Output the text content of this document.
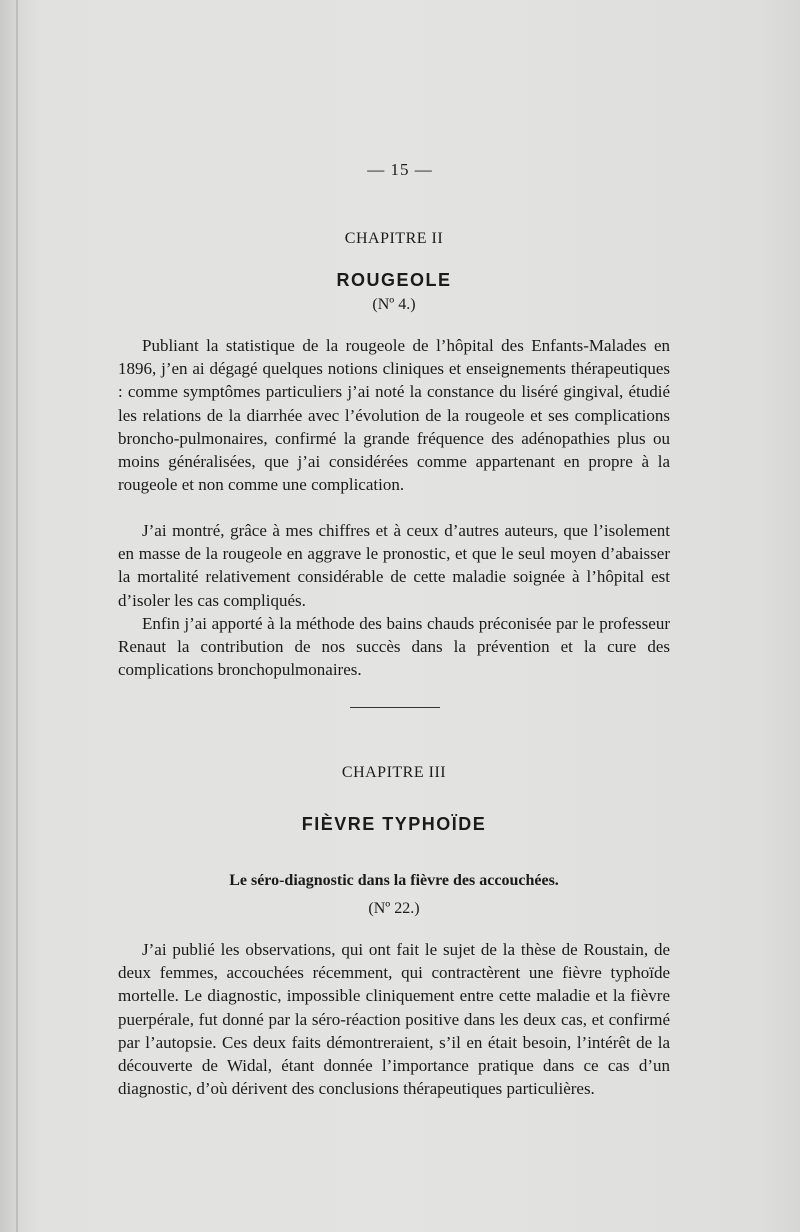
— 15 —
CHAPITRE II
ROUGEOLE
(Nº 4.)

Publiant la statistique de la rougeole de l’hôpital des Enfants-Malades en 1896, j’en ai dégagé quelques notions cliniques et enseignements thérapeutiques : comme symptômes particuliers j’ai noté la constance du liséré gingival, étudié les relations de la diarrhée avec l’évolution de la rougeole et ses complications broncho-pulmonaires, confirmé la grande fréquence des adénopathies plus ou moins généralisées, que j’ai considérées comme appartenant en propre à la rougeole et non comme une complication.

J’ai montré, grâce à mes chiffres et à ceux d’autres auteurs, que l’isolement en masse de la rougeole en aggrave le pronostic, et que le seul moyen d’abaisser la mortalité relativement considérable de cette maladie soignée à l’hôpital est d’isoler les cas compliqués.

Enfin j’ai apporté à la méthode des bains chauds préconisée par le professeur Renaut la contribution de nos succès dans la prévention et la cure des complications bronchopulmonaires.

CHAPITRE III
FIÈVRE TYPHOÏDE
Le séro-diagnostic dans la fièvre des accouchées.
(Nº 22.)

J’ai publié les observations, qui ont fait le sujet de la thèse de Roustain, de deux femmes, accouchées récemment, qui contractèrent une fièvre typhoïde mortelle. Le diagnostic, impossible cliniquement entre cette maladie et la fièvre puerpérale, fut donné par la séro-réaction positive dans les deux cas, et confirmé par l’autopsie. Ces deux faits démontreraient, s’il en était besoin, l’intérêt de la découverte de Widal, étant donnée l’importance pratique dans ce cas d’un diagnostic, d’où dérivent des conclusions thérapeutiques particulières.
